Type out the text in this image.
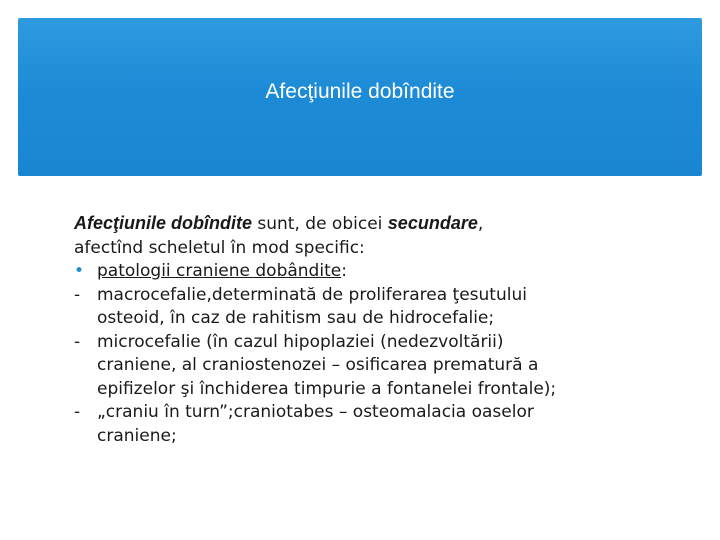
Afecţiunile dobîndite
Afecţiunile dobîndite sunt, de obicei secundare,
afectînd scheletul în mod specific:
• patologii craniene dobândite:
- macrocefalie,determinată de proliferarea ţesutului
osteoid, în caz de rahitism sau de hidrocefalie;
- microcefalie (în cazul hipoplaziei (nedezvoltării)
craniene, al craniostenozei – osificarea prematură a
epifizelor şi închiderea timpurie a fontanelei frontale);
- „craniu în turn”;craniotabes – osteomalacia oaselor
craniene;
